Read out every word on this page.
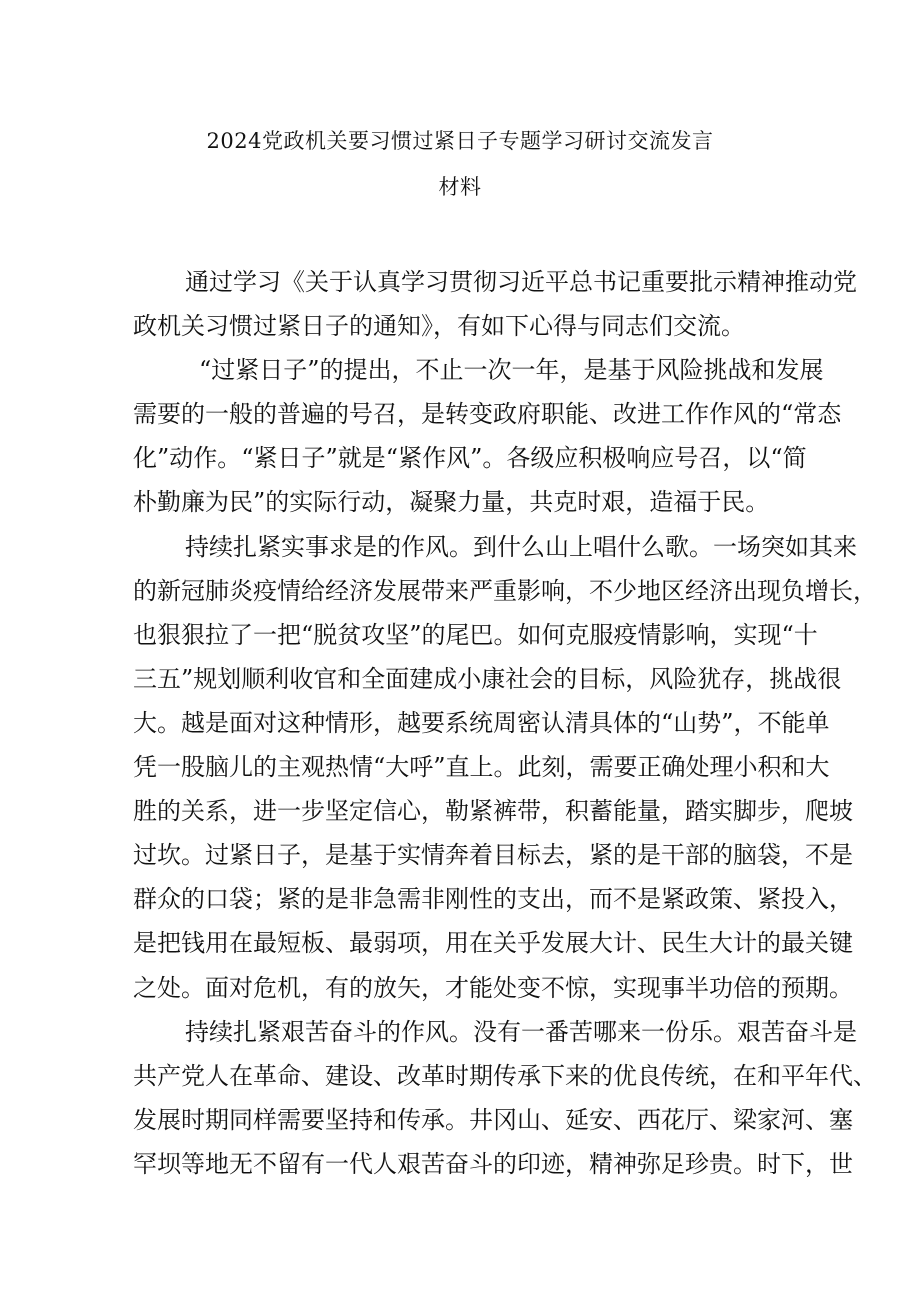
2024党政机关要习惯过紧日子专题学习研讨交流发言
材料
通过学习《关于认真学习贯彻习近平总书记重要批示精神推动党
政机关习惯过紧日子的通知》，有如下心得与同志们交流。
“过紧日子”的提出，不止一次一年，是基于风险挑战和发展
需要的一般的普遍的号召，是转变政府职能、改进工作作风的“常态
化”动作。“紧日子”就是“紧作风”。各级应积极响应号召，以“简
朴勤廉为民”的实际行动，凝聚力量，共克时艰，造福于民。
持续扎紧实事求是的作风。到什么山上唱什么歌。一场突如其来
的新冠肺炎疫情给经济发展带来严重影响，不少地区经济出现负增长，
也狠狠拉了一把“脱贫攻坚”的尾巴。如何克服疫情影响，实现“十
三五”规划顺利收官和全面建成小康社会的目标，风险犹存，挑战很
大。越是面对这种情形，越要系统周密认清具体的“山势”，不能单
凭一股脑儿的主观热情“大呼”直上。此刻，需要正确处理小积和大
胜的关系，进一步坚定信心，勒紧裤带，积蓄能量，踏实脚步，爬坡
过坎。过紧日子，是基于实情奔着目标去，紧的是干部的脑袋，不是
群众的口袋；紧的是非急需非刚性的支出，而不是紧政策、紧投入，
是把钱用在最短板、最弱项，用在关乎发展大计、民生大计的最关键
之处。面对危机，有的放矢，才能处变不惊，实现事半功倍的预期。
持续扎紧艰苦奋斗的作风。没有一番苦哪来一份乐。艰苦奋斗是
共产党人在革命、建设、改革时期传承下来的优良传统，在和平年代、
发展时期同样需要坚持和传承。井冈山、延安、西花厅、梁家河、塞
罕坝等地无不留有一代人艰苦奋斗的印迹，精神弥足珍贵。时下，世
